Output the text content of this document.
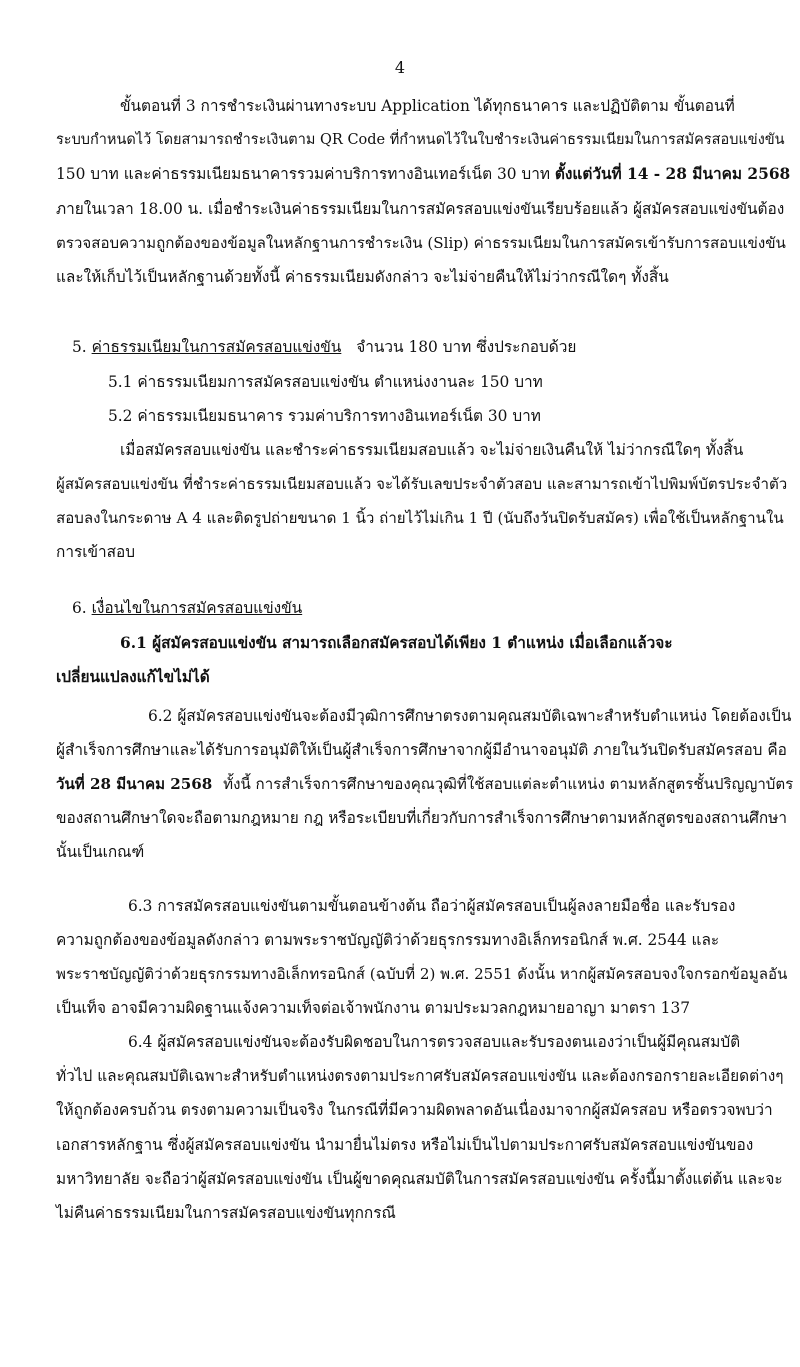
4
ขั้นตอนที่ 3 การชำระเงินผ่านทางระบบ Application ได้ทุกธนาคาร และปฏิบัติตาม ขั้นตอนที่
ระบบกำหนดไว้ โดยสามารถชำระเงินตาม QR Code ที่กำหนดไว้ในใบชำระเงินค่าธรรมเนียมในการสมัครสอบแข่งขัน
150 บาท และค่าธรรมเนียมธนาคารรวมค่าบริการทางอินเทอร์เน็ต 30 บาท ตั้งแต่วันที่ 14 - 28 มีนาคม 2568
ภายในเวลา 18.00 น. เมื่อชำระเงินค่าธรรมเนียมในการสมัครสอบแข่งขันเรียบร้อยแล้ว ผู้สมัครสอบแข่งขันต้อง
ตรวจสอบความถูกต้องของข้อมูลในหลักฐานการชำระเงิน (Slip) ค่าธรรมเนียมในการสมัครเข้ารับการสอบแข่งขัน
และให้เก็บไว้เป็นหลักฐานด้วยทั้งนี้ ค่าธรรมเนียมดังกล่าว จะไม่จ่ายคืนให้ไม่ว่ากรณีใดๆ ทั้งสิ้น
5. ค่าธรรมเนียมในการสมัครสอบแข่งขัน จำนวน 180 บาท ซึ่งประกอบด้วย
5.1 ค่าธรรมเนียมการสมัครสอบแข่งขัน ตำแหน่งงานละ 150 บาท
5.2 ค่าธรรมเนียมธนาคาร รวมค่าบริการทางอินเทอร์เน็ต 30 บาท
เมื่อสมัครสอบแข่งขัน และชำระค่าธรรมเนียมสอบแล้ว จะไม่จ่ายเงินคืนให้ ไม่ว่ากรณีใดๆ ทั้งสิ้น
ผู้สมัครสอบแข่งขัน ที่ชำระค่าธรรมเนียมสอบแล้ว จะได้รับเลขประจำตัวสอบ และสามารถเข้าไปพิมพ์บัตรประจำตัว
สอบลงในกระดาษ A 4 และติดรูปถ่ายขนาด 1 นิ้ว ถ่ายไว้ไม่เกิน 1 ปี (นับถึงวันปิดรับสมัคร) เพื่อใช้เป็นหลักฐานใน
การเข้าสอบ
6. เงื่อนไขในการสมัครสอบแข่งขัน
6.1 ผู้สมัครสอบแข่งขัน สามารถเลือกสมัครสอบได้เพียง 1 ตำแหน่ง เมื่อเลือกแล้วจะ
เปลี่ยนแปลงแก้ไขไม่ได้
6.2 ผู้สมัครสอบแข่งขันจะต้องมีวุฒิการศึกษาตรงตามคุณสมบัติเฉพาะสำหรับตำแหน่ง โดยต้องเป็น
ผู้สำเร็จการศึกษาและได้รับการอนุมัติให้เป็นผู้สำเร็จการศึกษาจากผู้มีอำนาจอนุมัติ ภายในวันปิดรับสมัครสอบ คือ
วันที่ 28 มีนาคม 2568 ทั้งนี้ การสำเร็จการศึกษาของคุณวุฒิที่ใช้สอบแต่ละตำแหน่ง ตามหลักสูตรชั้นปริญญาบัตร
ของสถานศึกษาใดจะถือตามกฎหมาย กฎ หรือระเบียบที่เกี่ยวกับการสำเร็จการศึกษาตามหลักสูตรของสถานศึกษา
นั้นเป็นเกณฑ์
6.3 การสมัครสอบแข่งขันตามขั้นตอนข้างต้น ถือว่าผู้สมัครสอบเป็นผู้ลงลายมือชื่อ และรับรอง
ความถูกต้องของข้อมูลดังกล่าว ตามพระราชบัญญัติว่าด้วยธุรกรรมทางอิเล็กทรอนิกส์ พ.ศ. 2544 และ
พระราชบัญญัติว่าด้วยธุรกรรมทางอิเล็กทรอนิกส์ (ฉบับที่ 2) พ.ศ. 2551 ดังนั้น หากผู้สมัครสอบจงใจกรอกข้อมูลอัน
เป็นเท็จ อาจมีความผิดฐานแจ้งความเท็จต่อเจ้าพนักงาน ตามประมวลกฎหมายอาญา มาตรา 137
6.4 ผู้สมัครสอบแข่งขันจะต้องรับผิดชอบในการตรวจสอบและรับรองตนเองว่าเป็นผู้มีคุณสมบัติ
ทั่วไป และคุณสมบัติเฉพาะสำหรับตำแหน่งตรงตามประกาศรับสมัครสอบแข่งขัน และต้องกรอกรายละเอียดต่างๆ
ให้ถูกต้องครบถ้วน ตรงตามความเป็นจริง ในกรณีที่มีความผิดพลาดอันเนื่องมาจากผู้สมัครสอบ หรือตรวจพบว่า
เอกสารหลักฐาน ซึ่งผู้สมัครสอบแข่งขัน นำมายื่นไม่ตรง หรือไม่เป็นไปตามประกาศรับสมัครสอบแข่งขันของ
มหาวิทยาลัย จะถือว่าผู้สมัครสอบแข่งขัน เป็นผู้ขาดคุณสมบัติในการสมัครสอบแข่งขัน ครั้งนี้มาตั้งแต่ต้น และจะ
ไม่คืนค่าธรรมเนียมในการสมัครสอบแข่งขันทุกกรณี
